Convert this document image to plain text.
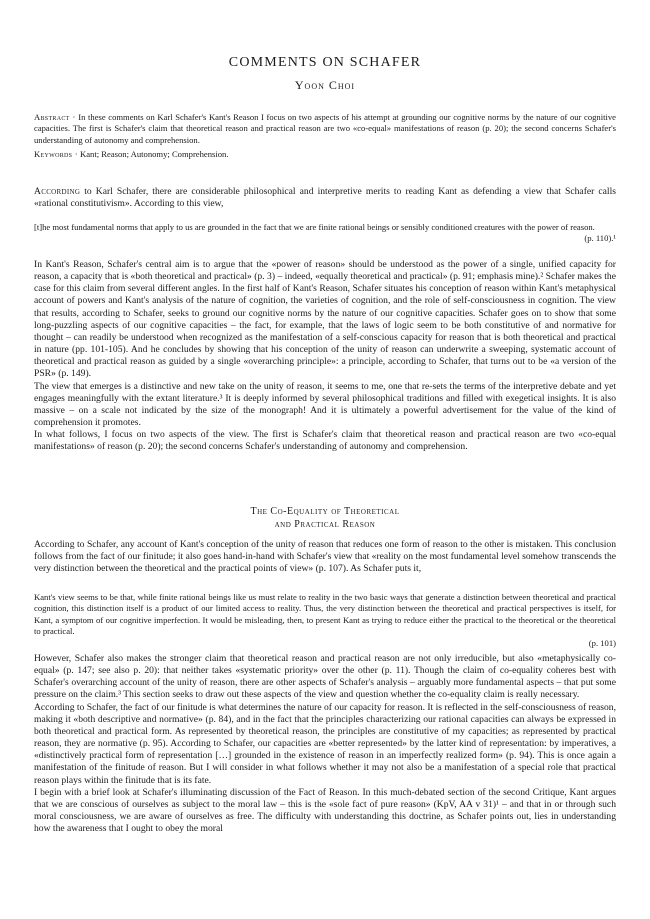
COMMENTS ON SCHAFER
Yoon Choi

Abstract · In these comments on Karl Schafer's Kant's Reason I focus on two aspects of his attempt at grounding our cognitive norms by the nature of our cognitive capacities. The first is Schafer's claim that theoretical reason and practical reason are two «co-equal» manifestations of reason (p. 20); the second concerns Schafer's understanding of autonomy and comprehension.

Keywords · Kant; Reason; Autonomy; Comprehension.

According to Karl Schafer, there are considerable philosophical and interpretive merits to reading Kant as defending a view that Schafer calls «rational constitutivism». According to this view,

[t]he most fundamental norms that apply to us are grounded in the fact that we are finite rational beings or sensibly conditioned creatures with the power of reason.

(p. 110).¹

In Kant's Reason, Schafer's central aim is to argue that the «power of reason» should be understood as the power of a single, unified capacity for reason, a capacity that is «both theoretical and practical» (p. 3) – indeed, «equally theoretical and practical» (p. 91; emphasis mine).² Schafer makes the case for this claim from several different angles. In the first half of Kant's Reason, Schafer situates his conception of reason within Kant's metaphysical account of powers and Kant's analysis of the nature of cognition, the varieties of cognition, and the role of self-consciousness in cognition. The view that results, according to Schafer, seeks to ground our cognitive norms by the nature of our cognitive capacities. Schafer goes on to show that some long-puzzling aspects of our cognitive capacities – the fact, for example, that the laws of logic seem to be both constitutive of and normative for thought – can readily be understood when recognized as the manifestation of a self-conscious capacity for reason that is both theoretical and practical in nature (pp. 101-105). And he concludes by showing that his conception of the unity of reason can underwrite a sweeping, systematic account of theoretical and practical reason as guided by a single «overarching principle»: a principle, according to Schafer, that turns out to be «a version of the PSR» (p. 149).

The view that emerges is a distinctive and new take on the unity of reason, it seems to me, one that re-sets the terms of the interpretive debate and yet engages meaningfully with the extant literature.³ It is deeply informed by several philosophical traditions and filled with exegetical insights. It is also massive – on a scale not indicated by the size of the monograph! And it is ultimately a powerful advertisement for the value of the kind of comprehension it promotes.

In what follows, I focus on two aspects of the view. The first is Schafer's claim that theoretical reason and practical reason are two «co-equal manifestations» of reason (p. 20); the second concerns Schafer's understanding of autonomy and comprehension.

The Co-Equality of Theoretical
and Practical Reason

According to Schafer, any account of Kant's conception of the unity of reason that reduces one form of reason to the other is mistaken. This conclusion follows from the fact of our finitude; it also goes hand-in-hand with Schafer's view that «reality on the most fundamental level somehow transcends the very distinction between the theoretical and the practical points of view» (p. 107). As Schafer puts it,

Kant's view seems to be that, while finite rational beings like us must relate to reality in the two basic ways that generate a distinction between theoretical and practical cognition, this distinction itself is a product of our limited access to reality. Thus, the very distinction between the theoretical and practical perspectives is itself, for Kant, a symptom of our cognitive imperfection. It would be misleading, then, to present Kant as trying to reduce either the practical to the theoretical or the theoretical to practical.

(p. 101)

However, Schafer also makes the stronger claim that theoretical reason and practical reason are not only irreducible, but also «metaphysically co-equal» (p. 147; see also p. 20): that neither takes «systematic priority» over the other (p. 11). Though the claim of co-equality coheres best with Schafer's overarching account of the unity of reason, there are other aspects of Schafer's analysis – arguably more fundamental aspects – that put some pressure on the claim.³ This section seeks to draw out these aspects of the view and question whether the co-equality claim is really necessary.

According to Schafer, the fact of our finitude is what determines the nature of our capacity for reason. It is reflected in the self-consciousness of reason, making it «both descriptive and normative» (p. 84), and in the fact that the principles characterizing our rational capacities can always be expressed in both theoretical and practical form. As represented by theoretical reason, the principles are constitutive of my capacities; as represented by practical reason, they are normative (p. 95). According to Schafer, our capacities are «better represented» by the latter kind of representation: by imperatives, a «distinctively practical form of representation […] grounded in the existence of reason in an imperfectly realized form» (p. 94). This is once again a manifestation of the finitude of reason. But I will consider in what follows whether it may not also be a manifestation of a special role that practical reason plays within the finitude that is its fate.

I begin with a brief look at Schafer's illuminating discussion of the Fact of Reason. In this much-debated section of the second Critique, Kant argues that we are conscious of ourselves as subject to the moral law – this is the «sole fact of pure reason» (KpV, AA v 31)¹ – and that in or through such moral consciousness, we are aware of ourselves as free. The difficulty with understanding this doctrine, as Schafer points out, lies in understanding how the awareness that I ought to obey the moral
